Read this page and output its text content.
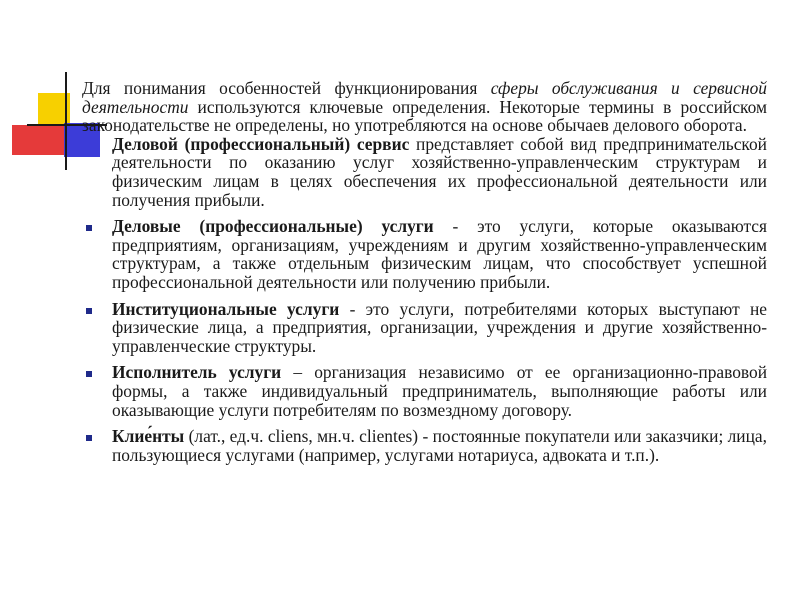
Для понимания особенностей функционирования сферы обслуживания и сервисной деятельности используются ключевые определения. Некоторые термины в российском законодательстве не определены, но употребляются на основе обычаев делового оборота.

Деловой (профессиональный) сервис представляет собой вид предпринимательской деятельности по оказанию услуг хозяйственно-управленческим структурам и физическим лицам в целях обеспечения их профессиональной деятельности или получения прибыли.
Деловые (профессиональные) услуги - это услуги, которые оказываются предприятиям, организациям, учреждениям и другим хозяйственно-управленческим структурам, а также отдельным физическим лицам, что способствует успешной профессиональной деятельности или получению прибыли.
Институциональные услуги - это услуги, потребителями которых выступают не физические лица, а предприятия, организации, учреждения и другие хозяйственно-управленческие структуры.
Исполнитель услуги – организация независимо от ее организационно-правовой формы, а также индивидуальный предприниматель, выполняющие работы или оказывающие услуги потребителям по возмездному договору.
Клие́нты (лат., ед.ч. cliens, мн.ч. clientes) - постоянные покупатели или заказчики; лица, пользующиеся услугами (например, услугами нотариуса, адвоката и т.п.).
